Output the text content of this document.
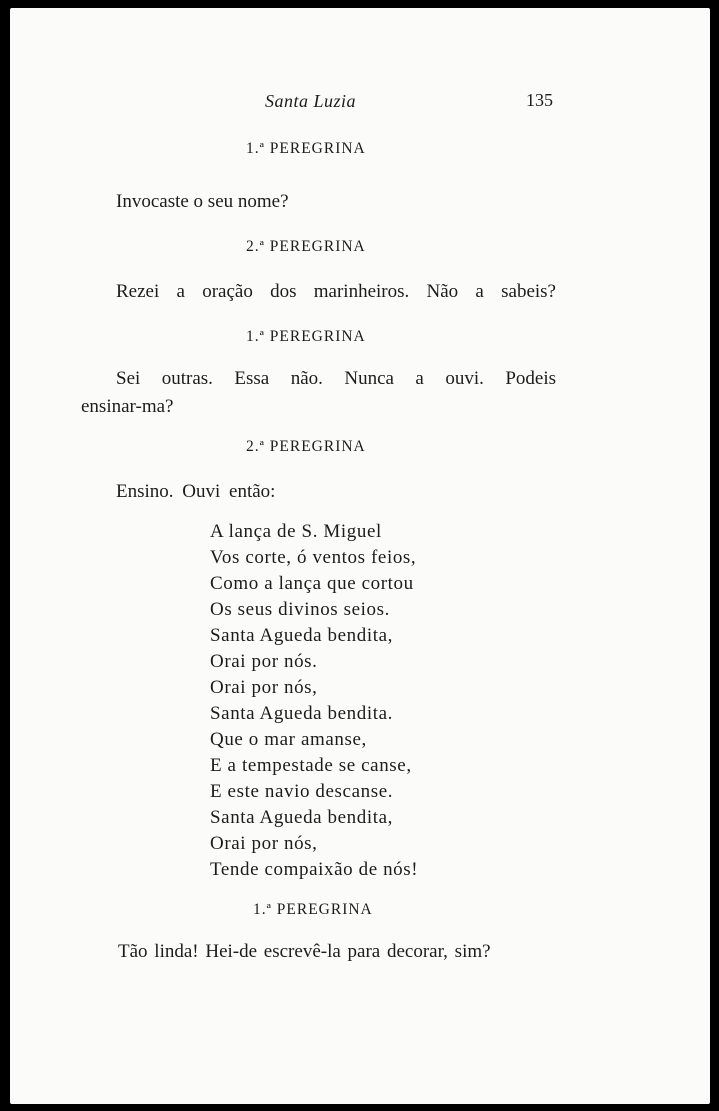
Santa Luzia	135
1.ª PEREGRINA
Invocaste o seu nome?
2.ª PEREGRINA
Rezei a oração dos marinheiros. Não a sabeis?
1.ª PEREGRINA
Sei outras. Essa não. Nunca a ouvi. Podeis
ensinar-ma?
2.ª PEREGRINA
Ensino. Ouvi então:
A lança de S. Miguel
Vos corte, ó ventos feios,
Como a lança que cortou
Os seus divinos seios.
Santa Agueda bendita,
Orai por nós.
Orai por nós,
Santa Agueda bendita.
Que o mar amanse,
E a tempestade se canse,
E este navio descanse.
Santa Agueda bendita,
Orai por nós,
Tende compaixão de nós!
1.ª PEREGRINA
Tão linda! Hei-de escrevê-la para decorar, sim?
